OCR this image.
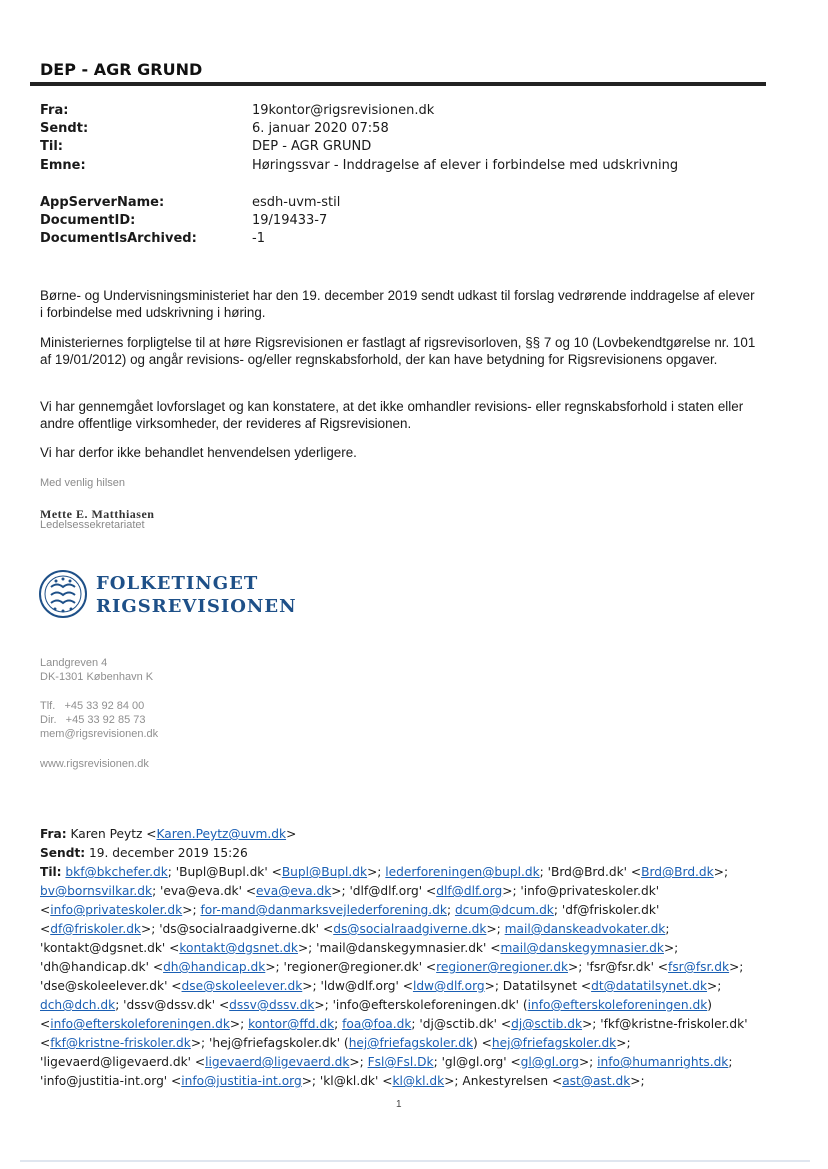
DEP - AGR GRUND
Fra:	19kontor@rigsrevisionen.dk
Sendt:	6. januar 2020 07:58
Til:	DEP - AGR GRUND
Emne:	Høringssvar - Inddragelse af elever i forbindelse med udskrivning
AppServerName:	esdh-uvm-stil
DocumentID:	19/19433-7
DocumentIsArchived:	-1
Børne- og Undervisningsministeriet har den 19. december 2019 sendt udkast til forslag vedrørende inddragelse af elever i forbindelse med udskrivning i høring.
Ministeriernes forpligtelse til at høre Rigsrevisionen er fastlagt af rigsrevisorloven, §§ 7 og 10 (Lovbekendtgørelse nr. 101 af 19/01/2012) og angår revisions- og/eller regnskabsforhold, der kan have betydning for Rigsrevisionens opgaver.
Vi har gennemgået lovforslaget og kan konstatere, at det ikke omhandler revisions- eller regnskabsforhold i staten eller andre offentlige virksomheder, der revideres af Rigsrevisionen.
Vi har derfor ikke behandlet henvendelsen yderligere.
Med venlig hilsen
Mette E. Matthiasen
Ledelsessekretariatet
FOLKETINGET
RIGSREVISIONEN
Landgreven 4
DK-1301 København K
Tlf.   +45 33 92 84 00
Dir.   +45 33 92 85 73
mem@rigsrevisionen.dk
www.rigsrevisionen.dk
Fra: Karen Peytz <Karen.Peytz@uvm.dk>
Sendt: 19. december 2019 15:26
Til: bkf@bkchefer.dk; 'Bupl@Bupl.dk' <Bupl@Bupl.dk>; lederforeningen@bupl.dk; 'Brd@Brd.dk' <Brd@Brd.dk>;
bv@bornsvilkar.dk; 'eva@eva.dk' <eva@eva.dk>; 'dlf@dlf.org' <dlf@dlf.org>; 'info@privateskoler.dk'
<info@privateskoler.dk>; for-mand@danmarksvejlederforening.dk; dcum@dcum.dk; 'df@friskoler.dk'
<df@friskoler.dk>; 'ds@socialraadgiverne.dk' <ds@socialraadgiverne.dk>; mail@danskeadvokater.dk;
'kontakt@dgsnet.dk' <kontakt@dgsnet.dk>; 'mail@danskegymnasier.dk' <mail@danskegymnasier.dk>;
'dh@handicap.dk' <dh@handicap.dk>; 'regioner@regioner.dk' <regioner@regioner.dk>; 'fsr@fsr.dk' <fsr@fsr.dk>;
'dse@skoleelever.dk' <dse@skoleelever.dk>; 'ldw@dlf.org' <ldw@dlf.org>; Datatilsynet <dt@datatilsynet.dk>;
dch@dch.dk; 'dssv@dssv.dk' <dssv@dssv.dk>; 'info@efterskoleforeningen.dk' (info@efterskoleforeningen.dk)
<info@efterskoleforeningen.dk>; kontor@ffd.dk; foa@foa.dk; 'dj@sctib.dk' <dj@sctib.dk>; 'fkf@kristne-friskoler.dk'
<fkf@kristne-friskoler.dk>; 'hej@friefagskoler.dk' (hej@friefagskoler.dk) <hej@friefagskoler.dk>;
'ligevaerd@ligevaerd.dk' <ligevaerd@ligevaerd.dk>; Fsl@Fsl.Dk; 'gl@gl.org' <gl@gl.org>; info@humanrights.dk;
'info@justitia-int.org' <info@justitia-int.org>; 'kl@kl.dk' <kl@kl.dk>; Ankestyrelsen <ast@ast.dk>;
1
